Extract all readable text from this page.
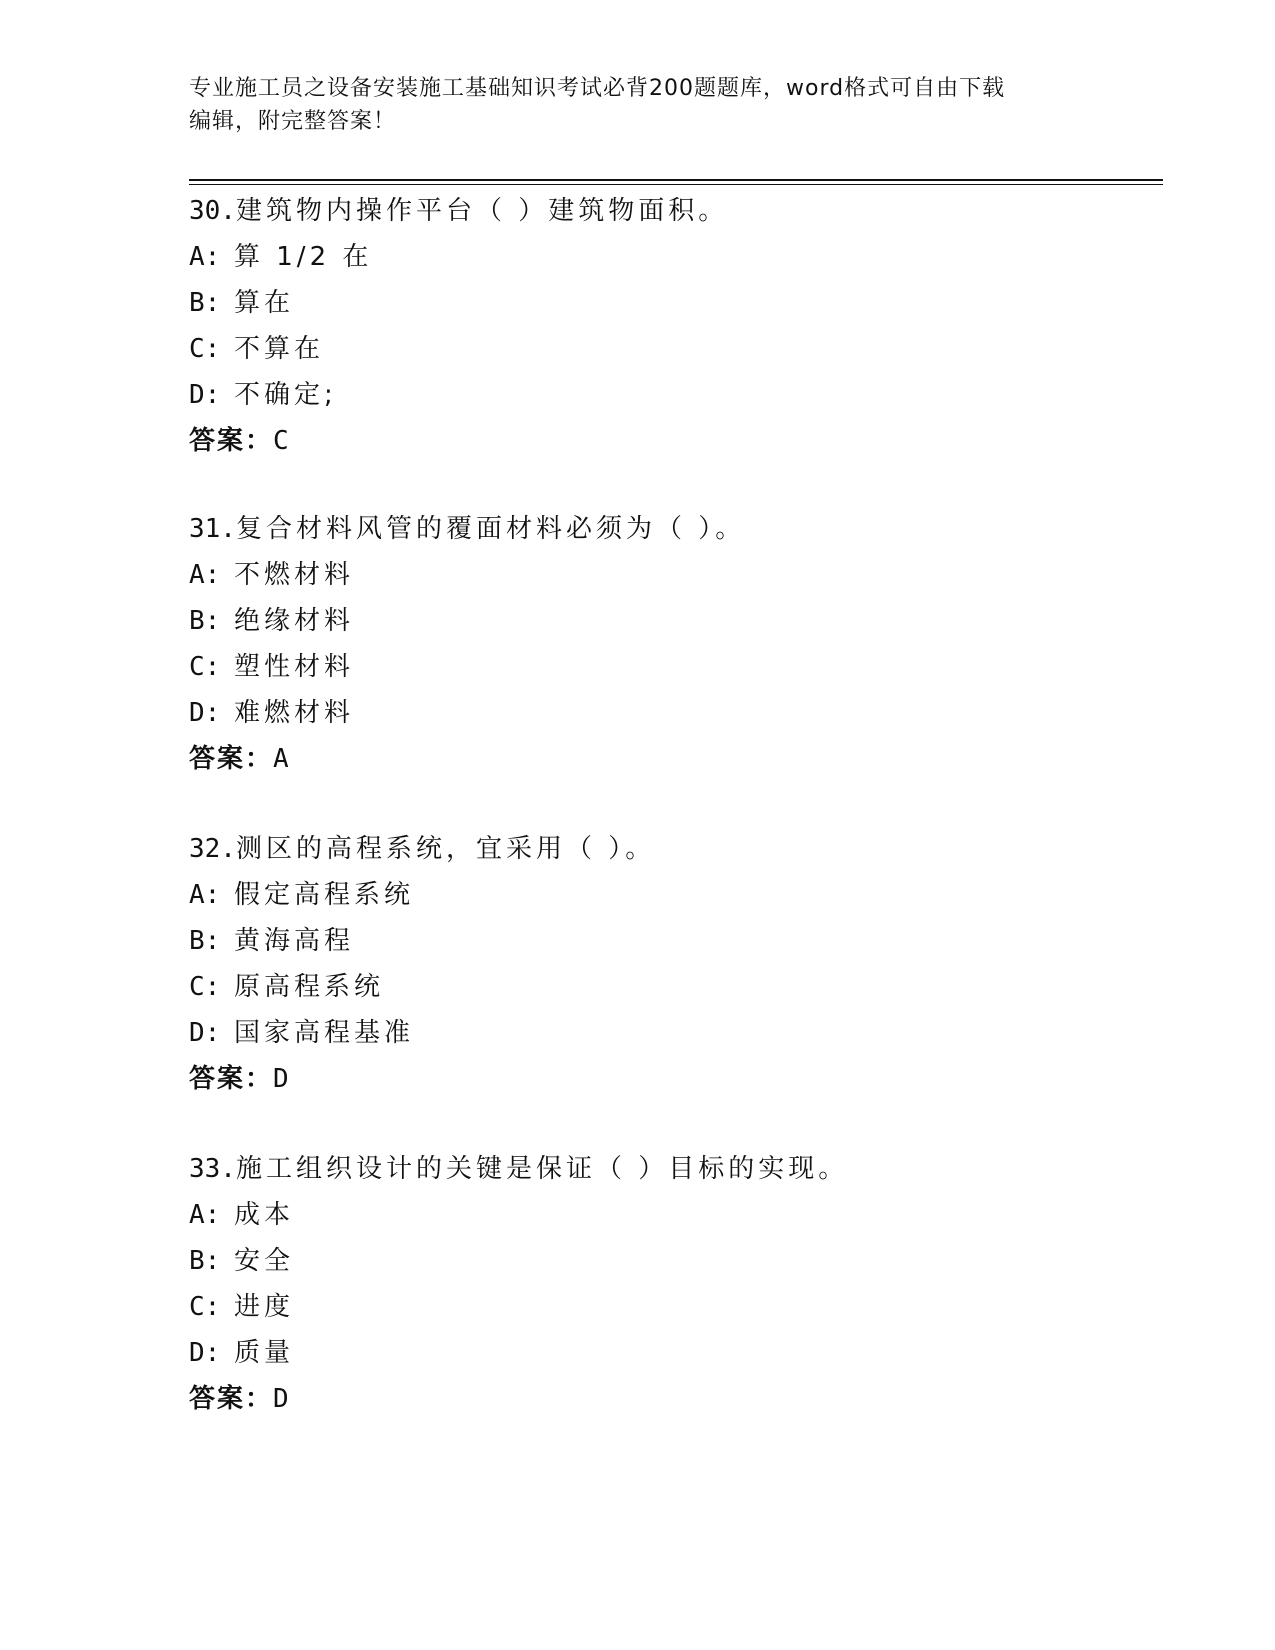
专业施工员之设备安装施工基础知识考试必背200题题库，word格式可自由下载
编辑，附完整答案！
30.建筑物内操作平台（ ）建筑物面积。
A: 算 1/2 在
B: 算在
C: 不算在
D: 不确定;
答案：C
31.复合材料风管的覆面材料必须为（ ）。
A: 不燃材料
B: 绝缘材料
C: 塑性材料
D: 难燃材料
答案：A
32.测区的高程系统，宜采用（ ）。
A: 假定高程系统
B: 黄海高程
C: 原高程系统
D: 国家高程基准
答案：D
33.施工组织设计的关键是保证（ ）目标的实现。
A: 成本
B: 安全
C: 进度
D: 质量
答案：D
